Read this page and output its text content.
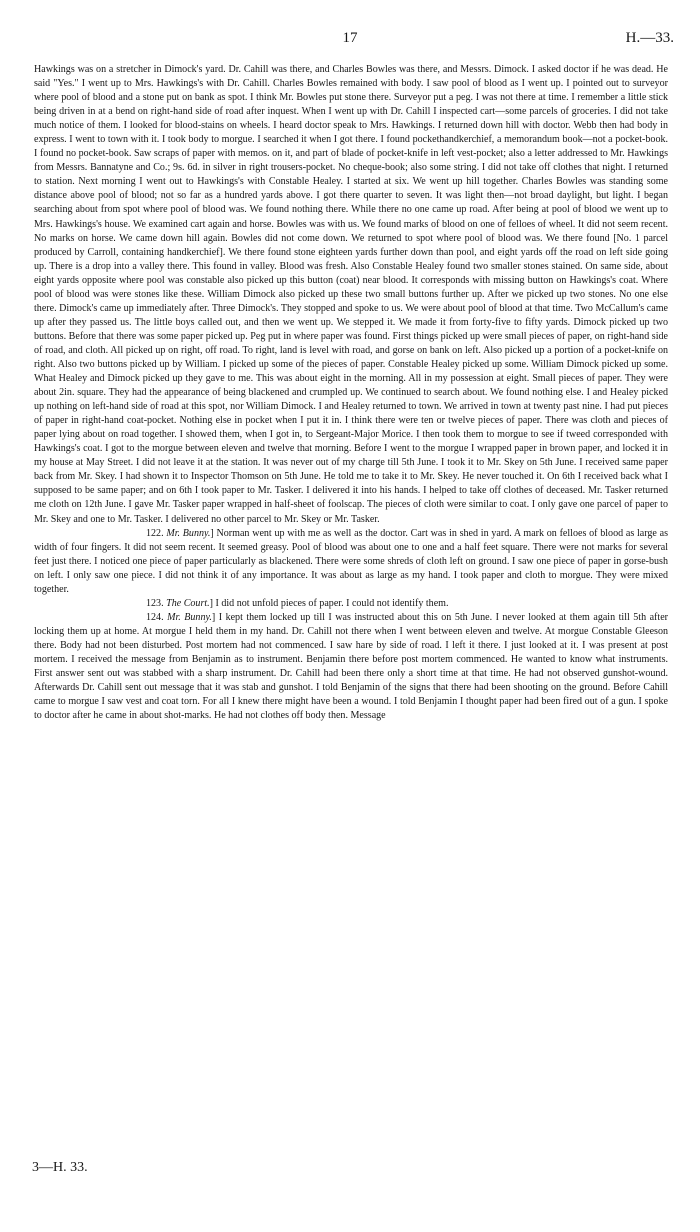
17	H.—33.

Hawkings was on a stretcher in Dimock's yard. Dr. Cahill was there, and Charles Bowles was there, and Messrs. Dimock. I asked doctor if he was dead. He said "Yes." I went up to Mrs. Hawkings's with Dr. Cahill. Charles Bowles remained with body. I saw pool of blood as I went up. I pointed out to surveyor where pool of blood and a stone put on bank as spot. I think Mr. Bowles put stone there. Surveyor put a peg. I was not there at time. I remember a little stick being driven in at a bend on right-hand side of road after inquest. When I went up with Dr. Cahill I inspected cart—some parcels of groceries. I did not take much notice of them. I looked for blood-stains on wheels. I heard doctor speak to Mrs. Hawkings. I returned down hill with doctor. Webb then had body in express. I went to town with it. I took body to morgue. I searched it when I got there. I found pockethandkerchief, a memorandum book—not a pocket-book. I found no pocket-book. Saw scraps of paper with memos. on it, and part of blade of pocket-knife in left vest-pocket; also a letter addressed to Mr. Hawkings from Messrs. Bannatyne and Co.; 9s. 6d. in silver in right trousers-pocket. No cheque-book; also some string. I did not take off clothes that night. I returned to station. Next morning I went out to Hawkings's with Constable Healey. I started at six. We went up hill together. Charles Bowles was standing some distance above pool of blood; not so far as a hundred yards above. I got there quarter to seven. It was light then—not broad daylight, but light. I began searching about from spot where pool of blood was. We found nothing there. While there no one came up road. After being at pool of blood we went up to Mrs. Hawkings's house. We examined cart again and horse. Bowles was with us. We found marks of blood on one of felloes of wheel. It did not seem recent. No marks on horse. We came down hill again. Bowles did not come down. We returned to spot where pool of blood was. We there found [No. 1 parcel produced by Carroll, containing handkerchief]. We there found stone eighteen yards further down than pool, and eight yards off the road on left side going up. There is a drop into a valley there. This found in valley. Blood was fresh. Also Constable Healey found two smaller stones stained. On same side, about eight yards opposite where pool was constable also picked up this button (coat) near blood. It corresponds with missing button on Hawkings's coat. Where pool of blood was were stones like these. William Dimock also picked up these two small buttons further up. After we picked up two stones. No one else there. Dimock's came up immediately after. Three Dimock's. They stopped and spoke to us. We were about pool of blood at that time. Two McCallum's came up after they passed us. The little boys called out, and then we went up. We stepped it. We made it from forty-five to fifty yards. Dimock picked up two buttons. Before that there was some paper picked up. Peg put in where paper was found. First things picked up were small pieces of paper, on right-hand side of road, and cloth. All picked up on right, off road. To right, land is level with road, and gorse on bank on left. Also picked up a portion of a pocket-knife on right. Also two buttons picked up by William. I picked up some of the pieces of paper. Constable Healey picked up some. William Dimock picked up some. What Healey and Dimock picked up they gave to me. This was about eight in the morning. All in my possession at eight. Small pieces of paper. They were about 2in. square. They had the appearance of being blackened and crumpled up. We continued to search about. We found nothing else. I and Healey picked up nothing on left-hand side of road at this spot, nor William Dimock. I and Healey returned to town. We arrived in town at twenty past nine. I had put pieces of paper in right-hand coat-pocket. Nothing else in pocket when I put it in. I think there were ten or twelve pieces of paper. There was cloth and pieces of paper lying about on road together. I showed them, when I got in, to Sergeant-Major Morice. I then took them to morgue to see if tweed corresponded with Hawkings's coat. I got to the morgue between eleven and twelve that morning. Before I went to the morgue I wrapped paper in brown paper, and locked it in my house at May Street. I did not leave it at the station. It was never out of my charge till 5th June. I took it to Mr. Skey on 5th June. I received same paper back from Mr. Skey. I had shown it to Inspector Thomson on 5th June. He told me to take it to Mr. Skey. He never touched it. On 6th I received back what I supposed to be same paper; and on 6th I took paper to Mr. Tasker. I delivered it into his hands. I helped to take off clothes of deceased. Mr. Tasker returned me cloth on 12th June. I gave Mr. Tasker paper wrapped in half-sheet of foolscap. The pieces of cloth were similar to coat. I only gave one parcel of paper to Mr. Skey and one to Mr. Tasker. I delivered no other parcel to Mr. Skey or Mr. Tasker.

122. Mr. Bunny.] Norman went up with me as well as the doctor. Cart was in shed in yard. A mark on felloes of blood as large as width of four fingers. It did not seem recent. It seemed greasy. Pool of blood was about one to one and a half feet square. There were not marks for several feet just there. I noticed one piece of paper particularly as blackened. There were some shreds of cloth left on ground. I saw one piece of paper in gorse-bush on left. I only saw one piece. I did not think it of any importance. It was about as large as my hand. I took paper and cloth to morgue. They were mixed together.

123. The Court.] I did not unfold pieces of paper. I could not identify them.

124. Mr. Bunny.] I kept them locked up till I was instructed about this on 5th June. I never looked at them again till 5th after locking them up at home. At morgue I held them in my hand. Dr. Cahill not there when I went between eleven and twelve. At morgue Constable Gleeson there. Body had not been disturbed. Post mortem had not commenced. I saw hare by side of road. I left it there. I just looked at it. I was present at post mortem. I received the message from Benjamin as to instrument. Benjamin there before post mortem commenced. He wanted to know what instruments. First answer sent out was stabbed with a sharp instrument. Dr. Cahill had been there only a short time at that time. He had not observed gunshot-wound. Afterwards Dr. Cahill sent out message that it was stab and gunshot. I told Benjamin of the signs that there had been shooting on the ground. Before Cahill came to morgue I saw vest and coat torn. For all I knew there might have been a wound. I told Benjamin I thought paper had been fired out of a gun. I spoke to doctor after he came in about shot-marks. He had not clothes off body then. Message

3—H. 33.
